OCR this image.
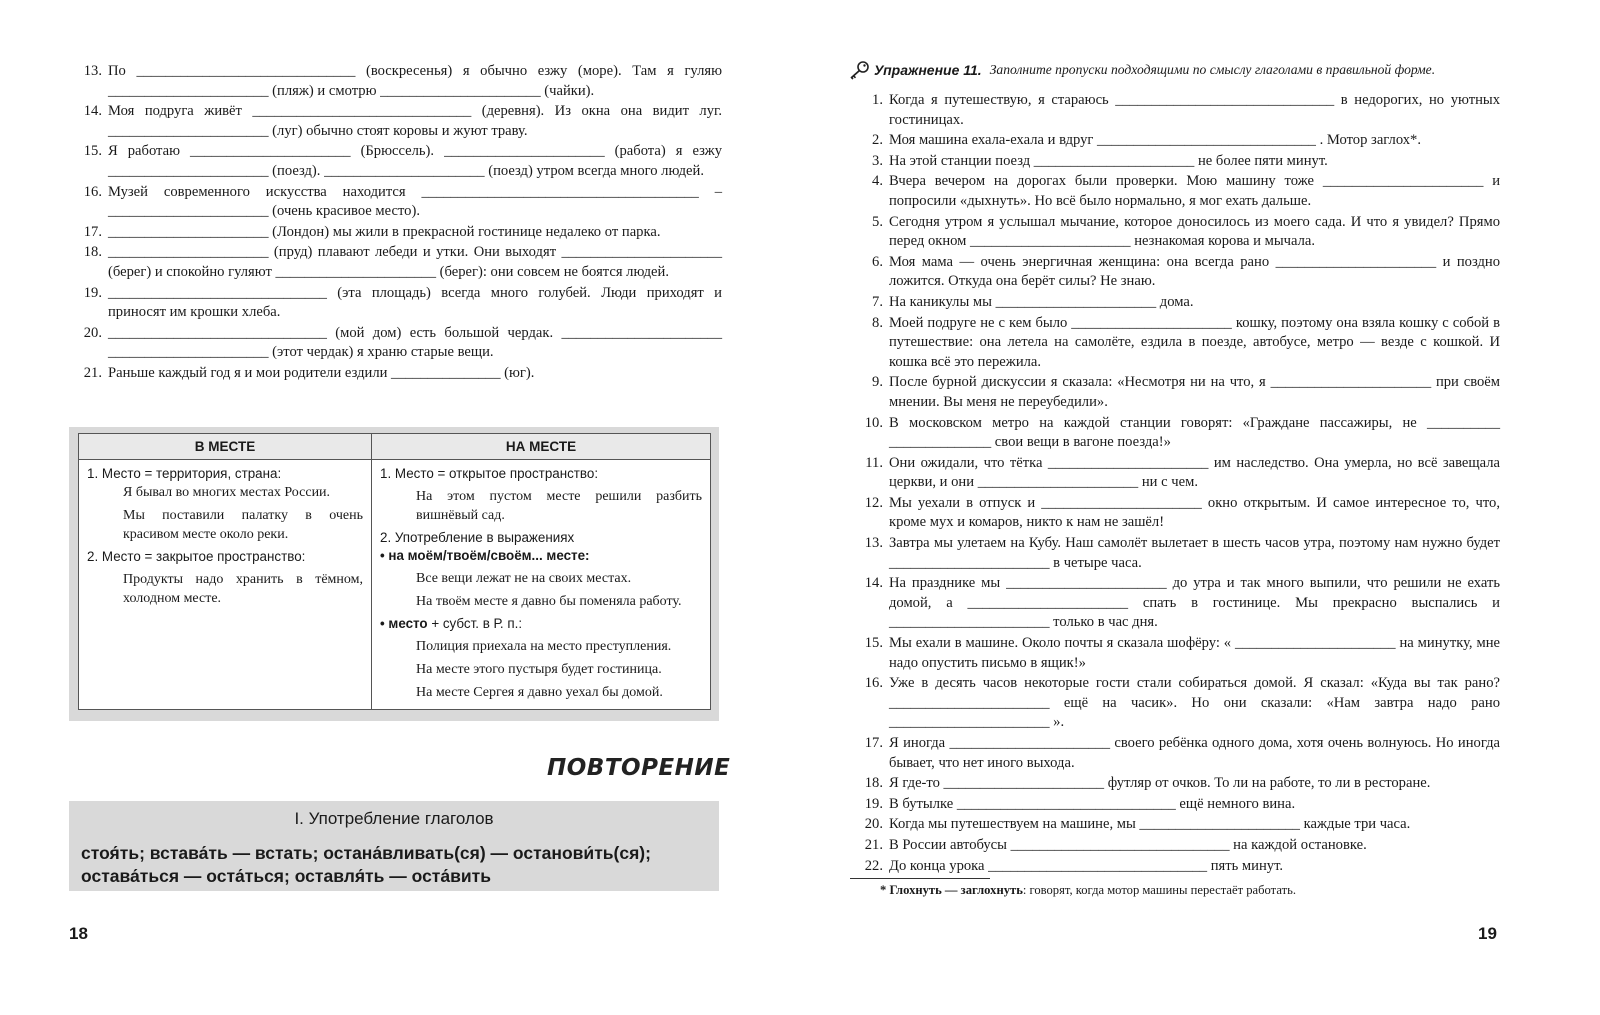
13. По ______________________________ (воскресенья) я обычно езжу (море). Там я гуляю ______________________ (пляж) и смотрю ______________________ (чайки).
14. Моя подруга живёт ______________________________ (деревня). Из окна она видит луг. ______________________ (луг) обычно стоят коровы и жуют траву.
15. Я работаю ______________________ (Брюссель). ______________________ (работа) я езжу ______________________ (поезд). ______________________ (поезд) утром всегда много людей.
16. Музей современного искусства находится ______________________________________ – ______________________ (очень красивое место).
17. ______________________ (Лондон) мы жили в прекрасной гостинице недалеко от парка.
18. ______________________ (пруд) плавают лебеди и утки. Они выходят ______________________ (берег) и спокойно гуляют ______________________ (берег): они совсем не боятся людей.
19. ______________________________ (эта площадь) всегда много голубей. Люди приходят и приносят им крошки хлеба.
20. ______________________________ (мой дом) есть большой чердак. ______________________ ______________________ (этот чердак) я храню старые вещи.
21. Раньше каждый год я и мои родители ездили _______________ (юг).
В МЕСТЕ
1. Место = территория, страна:
Я бывал во многих местах России.
Мы поставили палатку в очень красивом месте около реки.
2. Место = закрытое пространство:
Продукты надо хранить в тёмном, холодном месте.
НА МЕСТЕ
1. Место = открытое пространство:
На этом пустом месте решили разбить вишнёвый сад.
2. Употребление в выражениях
• на моём/твоём/своём... месте:
Все вещи лежат не на своих местах.
На твоём месте я давно бы поменяла работу.
• место + субст. в Р. п.:
Полиция приехала на место преступления.
На месте этого пустыря будет гостиница.
На месте Сергея я давно уехал бы домой.
ПОВТОРЕНИЕ
I. Употребление глаголов
стоя́ть; встава́ть — встать; остана́вливать(ся) — останови́ть(ся);
остава́ться — оста́ться; оставля́ть — оста́вить
18
Упражнение 11. Заполните пропуски подходящими по смыслу глаголами в правильной форме.
1. Когда я путешествую, я стараюсь ______________________________ в недорогих, но уютных гостиницах.
2. Моя машина ехала-ехала и вдруг ______________________________ . Мотор заглох*.
3. На этой станции поезд ______________________ не более пяти минут.
4. Вчера вечером на дорогах были проверки. Мою машину тоже ______________________ и попросили «дыхнуть». Но всё было нормально, я мог ехать дальше.
5. Сегодня утром я услышал мычание, которое доносилось из моего сада. И что я увидел? Прямо перед окном ______________________ незнакомая корова и мычала.
6. Моя мама — очень энергичная женщина: она всегда рано ______________________ и поздно ложится. Откуда она берёт силы? Не знаю.
7. На каникулы мы ______________________ дома.
8. Моей подруге не с кем было ______________________ кошку, поэтому она взяла кошку с собой в путешествие: она летела на самолёте, ездила в поезде, автобусе, метро — везде с кошкой. И кошка всё это пережила.
9. После бурной дискуссии я сказала: «Несмотря ни на что, я ______________________ при своём мнении. Вы меня не переубедили».
10. В московском метро на каждой станции говорят: «Граждане пассажиры, не __________ ______________ свои вещи в вагоне поезда!»
11. Они ожидали, что тётка ______________________ им наследство. Она умерла, но всё завещала церкви, и они ______________________ ни с чем.
12. Мы уехали в отпуск и ______________________ окно открытым. И самое интересное то, что, кроме мух и комаров, никто к нам не зашёл!
13. Завтра мы улетаем на Кубу. Наш самолёт вылетает в шесть часов утра, поэтому нам нужно будет ______________________ в четыре часа.
14. На празднике мы ______________________ до утра и так много выпили, что решили не ехать домой, а ______________________ спать в гостинице. Мы прекрасно выспались и ______________________ только в час дня.
15. Мы ехали в машине. Около почты я сказала шофёру: « ______________________ на минутку, мне надо опустить письмо в ящик!»
16. Уже в десять часов некоторые гости стали собираться домой. Я сказал: «Куда вы так рано? ______________________ ещё на часик». Но они сказали: «Нам завтра надо рано ______________________ ».
17. Я иногда ______________________ своего ребёнка одного дома, хотя очень волнуюсь. Но иногда бывает, что нет иного выхода.
18. Я где-то ______________________ футляр от очков. То ли на работе, то ли в ресторане.
19. В бутылке ______________________________ ещё немного вина.
20. Когда мы путешествуем на машине, мы ______________________ каждые три часа.
21. В России автобусы ______________________________ на каждой остановке.
22. До конца урока ______________________________ пять минут.
* Глохнуть — заглохнуть: говорят, когда мотор машины перестаёт работать.
19
